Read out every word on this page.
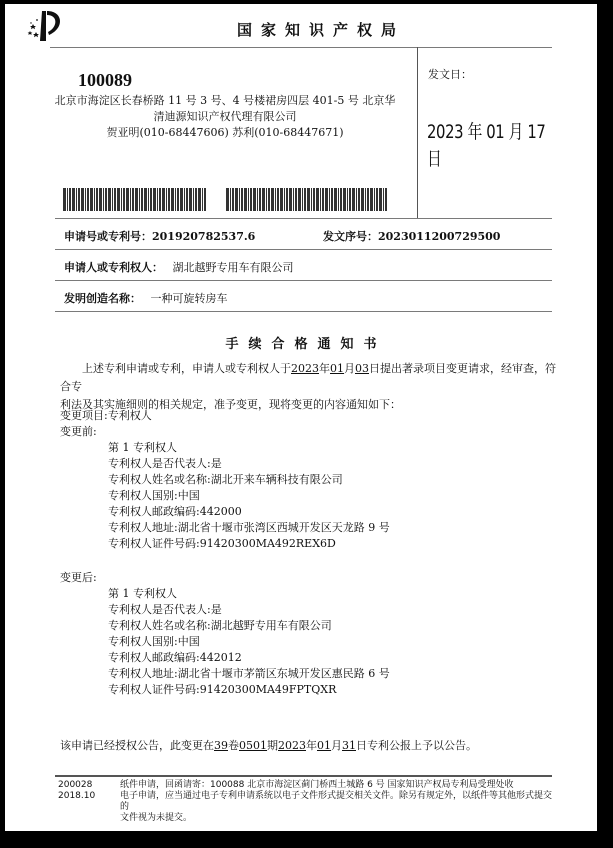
国家知识产权局
100089
北京市海淀区长春桥路 11 号 3 号、4 号楼裙房四层 401-5 号 北京华
清迪源知识产权代理有限公司
贺亚明(010-68447606) 苏利(010-68447671)
发文日：
2023 年 01 月 17 日
申请号或专利号：201920782537.6	发文序号：2023011200729500
申请人或专利权人： 湖北越野专用车有限公司
发明创造名称： 一种可旋转房车
手续合格通知书
上述专利申请或专利，申请人或专利权人于2023年01月03日提出著录项目变更请求，经审查，符合专
利法及其实施细则的相关规定，准予变更，现将变更的内容通知如下：
变更项目:专利权人
变更前:
第 1 专利权人
专利权人是否代表人:是
专利权人姓名或名称:湖北开来车辆科技有限公司
专利权人国别:中国
专利权人邮政编码:442000
专利权人地址:湖北省十堰市张湾区西城开发区天龙路 9 号
专利权人证件号码:91420300MA492REX6D
变更后:
第 1 专利权人
专利权人是否代表人:是
专利权人姓名或名称:湖北越野专用车有限公司
专利权人国别:中国
专利权人邮政编码:442012
专利权人地址:湖北省十堰市茅箭区东城开发区惠民路 6 号
专利权人证件号码:91420300MA49FPTQXR
该申请已经授权公告，此变更在39卷0501期2023年01月31日专利公报上予以公告。
200028
2018.10
纸件申请，回函请寄：100088 北京市海淀区蓟门桥西土城路 6 号 国家知识产权局专利局受理处收
电子申请，应当通过电子专利申请系统以电子文件形式提交相关文件。除另有规定外，以纸件等其他形式提交的
文件视为未提交。
